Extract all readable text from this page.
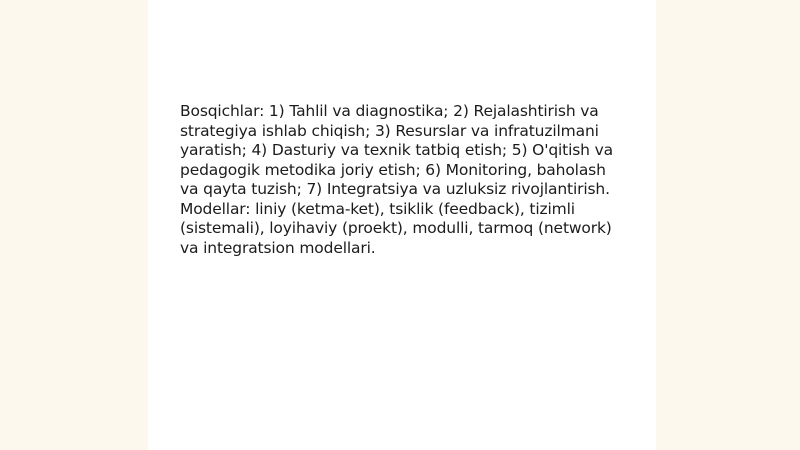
Bosqichlar: 1) Tahlil va diagnostika; 2) Rejalashtirish va strategiya ishlab chiqish; 3) Resurslar va infratuzilmani yaratish; 4) Dasturiy va texnik tatbiq etish; 5) O'qitish va pedagogik metodika joriy etish; 6) Monitoring, baholash va qayta tuzish; 7) Integratsiya va uzluksiz rivojlantirish. Modellar: liniy (ketma-ket), tsiklik (feedback), tizimli (sistemali), loyihaviy (proekt), modulli, tarmoq (network) va integratsion modellari.
